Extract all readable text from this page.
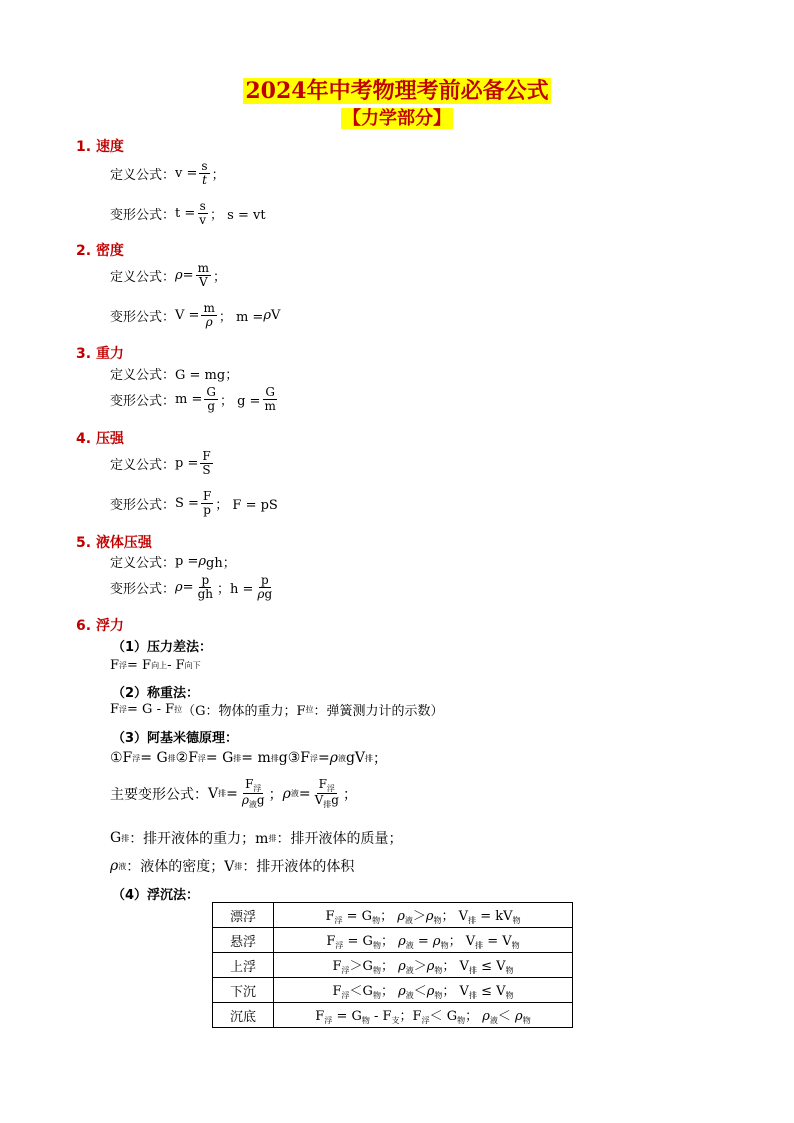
2024年中考物理考前必备公式
【力学部分】
1. 速度
定义公式： $v = \frac{s}{t}$ ；
变形公式： $t = \frac{s}{v}$ ； s = vt
2. 密度
定义公式： $\rho = \frac{m}{V}$ ；
变形公式： $V = \frac{m}{\rho}$ ； m = ρ V
3. 重力
定义公式： G = mg；
变形公式： $m = \frac{G}{g}$ ； $g = \frac{G}{m}$
4. 压强
定义公式： $p = \frac{F}{S}$
变形公式： $S = \frac{F}{p}$ ； F = pS
5. 液体压强
定义公式： p = ρ gh；
变形公式： $\rho = \frac{p}{gh}$ ；$h = \frac{p}{\rho g}$
6. 浮力
（1）压力差法：
F 浮 = F 向上 - F 向下
（2）称重法：
F 浮 = G - F 拉 （G：物体的重力；F 拉 ：弹簧测力计的示数）
（3）阿基米德原理：
①F 浮 = G 排 ②F 浮 = G 排 = m 排 g③F 浮 = ρ 液 gV 排 ；
主要变形公式： V 排 = $\frac{F_浮}{\rho_液g}$ ； ρ 液 = $\frac{F_浮}{V_排g}$ ；
G 排 ：排开液体的重力；m 排 ：排开液体的质量；
ρ 液 ：液体的密度；V 排 ：排开液体的体积
（4）浮沉法：
漂浮	$F_浮 = G_物$； $\rho_液>\rho_物$； $V_排 = kV_物$
悬浮	$F_浮 = G_物$； $\rho_液 = \rho_物$； $V_排 = V_物$
上浮	$F_浮>G_物$； $\rho_液>\rho_物$； $V_排 \le V_物$
下沉	$F_浮<G_物$； $\rho_液<\rho_物$； $V_排 \le V_物$
沉底	$F_浮 = G_物 - F_支$；$F_浮< G_物$； $\rho_液< \rho_物$
